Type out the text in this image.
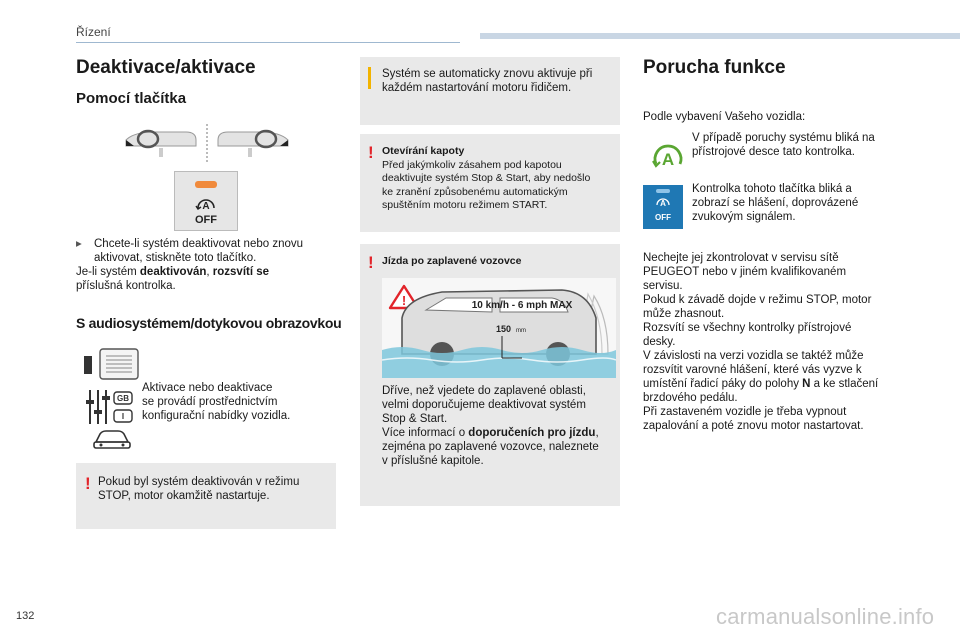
Řízení
Deaktivace/aktivace
Pomocí tlačítka
A
OFF
▸ Chcete-li systém deaktivovat nebo znovu
aktivovat, stiskněte toto tlačítko.
Je-li systém deaktivován, rozsvítí se
příslušná kontrolka.
S audiosystémem/dotykovou obrazovkou
GB
I
Aktivace nebo deaktivace
se provádí prostřednictvím
konfigurační nabídky vozidla.
! Pokud byl systém deaktivován v režimu
STOP, motor okamžitě nastartuje.
Systém se automaticky znovu aktivuje při
každém nastartování motoru řidičem.
! Otevírání kapoty
Před jakýmkoliv zásahem pod kapotou
deaktivujte systém Stop & Start, aby nedošlo
ke zranění způsobenému automatickým
spuštěním motoru režimem START.
! Jízda po zaplavené vozovce
!	10 km/h - 6 mph MAX
150 mm
Dříve, než vjedete do zaplavené oblasti,
velmi doporučujeme deaktivovat systém
Stop & Start.
Více informací o doporučeních pro jízdu,
zejména po zaplavené vozovce, naleznete
v příslušné kapitole.
Porucha funkce
Podle vybavení Vašeho vozidla:
A
V případě poruchy systému bliká na
přístrojové desce tato kontrolka.
A
OFF
Kontrolka tohoto tlačítka bliká a
zobrazí se hlášení, doprovázené
zvukovým signálem.
Nechejte jej zkontrolovat v servisu sítě
PEUGEOT nebo v jiném kvalifikovaném
servisu.
Pokud k závadě dojde v režimu STOP, motor
může zhasnout.
Rozsvítí se všechny kontrolky přístrojové
desky.
V závislosti na verzi vozidla se taktéž může
rozsvítit varovné hlášení, které vás vyzve k
umístění řadicí páky do polohy N a ke stlačení
brzdového pedálu.
Při zastaveném vozidle je třeba vypnout
zapalování a poté znovu motor nastartovat.
132	carmanualsonline.info
